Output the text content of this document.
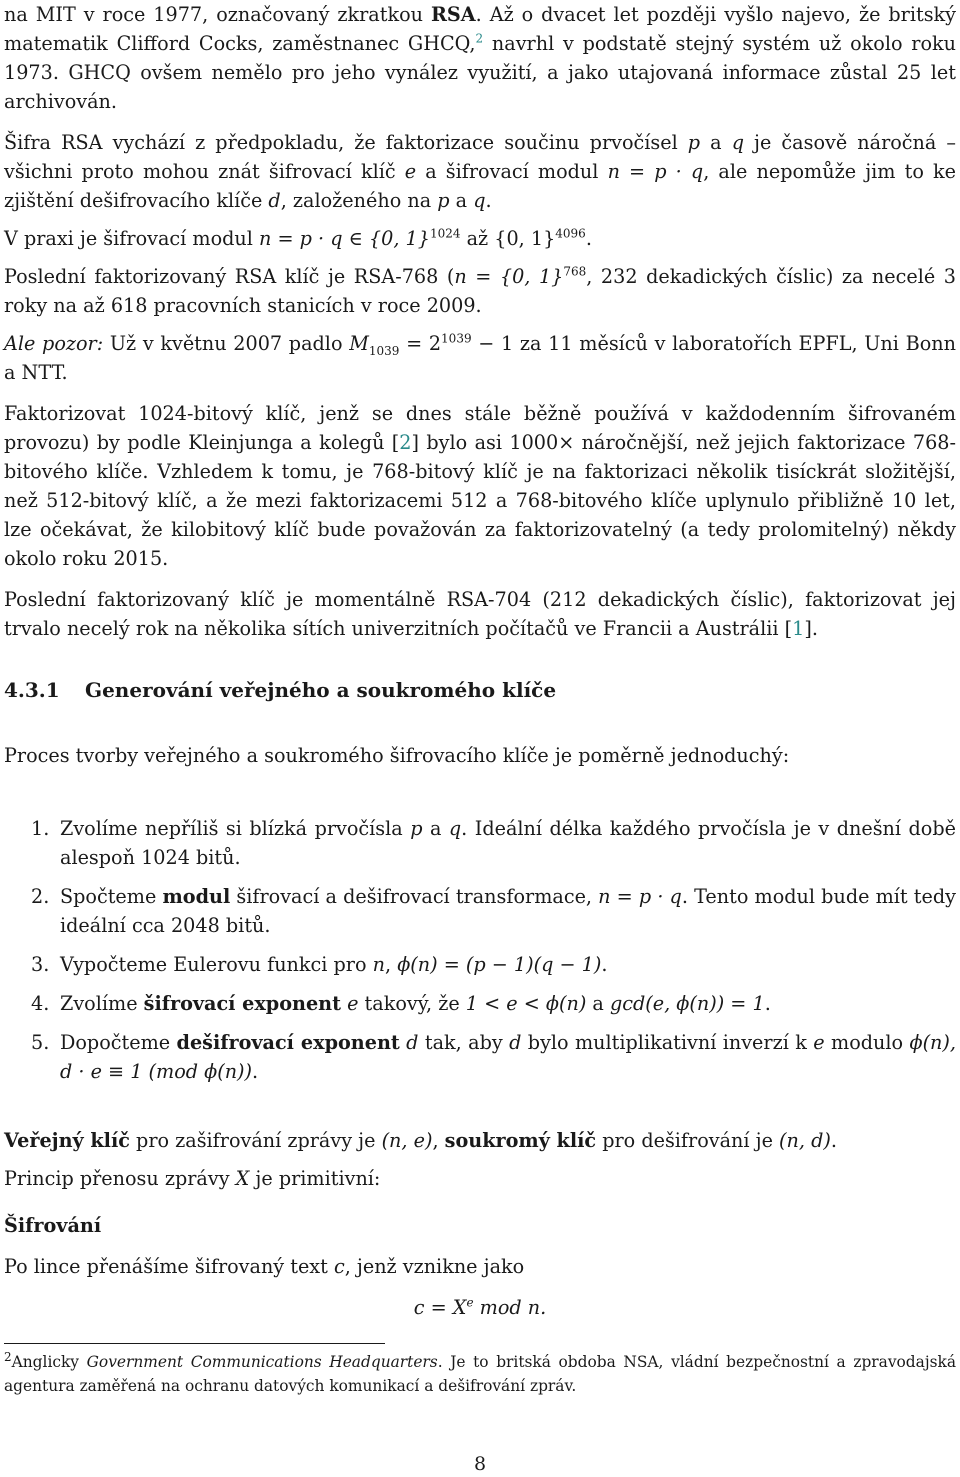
na MIT v roce 1977, označovaný zkratkou RSA. Až o dvacet let později vyšlo najevo, že britský matematik Clifford Cocks, zaměstnanec GHCQ,$^2$ navrhl v podstatě stejný systém už okolo roku 1973. GHCQ ovšem nemělo pro jeho vynález využití, a jako utajovaná informace zůstal 25 let archivován.

Šifra RSA vychází z předpokladu, že faktorizace součinu prvočísel p a q je časově náročná – všichni proto mohou znát šifrovací klíč e a šifrovací modul n = p · q, ale nepomůže jim to ke zjištění dešifrovacího klíče d, založeného na p a q.

V praxi je šifrovací modul n = p · q ∈ {0, 1}$^{1024}$ až {0, 1}$^{4096}$.

Poslední faktorizovaný RSA klíč je RSA-768 (n = {0, 1}$^{768}$, 232 dekadických číslic) za necelé 3 roky na až 618 pracovních stanicích v roce 2009.

Ale pozor: Už v květnu 2007 padlo $M_{1039} = 2^{1039} - 1$ za 11 měsíců v laboratořích EPFL, Uni Bonn a NTT.

Faktorizovat 1024-bitový klíč, jenž se dnes stále běžně používá v každodenním šifrovaném provozu) by podle Kleinjunga a kolegů [2] bylo asi 1000× náročnější, než jejich faktorizace 768-bitového klíče. Vzhledem k tomu, je 768-bitový klíč je na faktorizaci několik tisíckrát složitější, než 512-bitový klíč, a že mezi faktorizacemi 512 a 768-bitového klíče uplynulo přibližně 10 let, lze očekávat, že kilobitový klíč bude považován za faktorizovatelný (a tedy prolomitelný) někdy okolo roku 2015.

Poslední faktorizovaný klíč je momentálně RSA-704 (212 dekadických číslic), faktorizovat jej trvalo necelý rok na několika sítích univerzitních počítačů ve Francii a Austrálii [1].

4.3.1 Generování veřejného a soukromého klíče

Proces tvorby veřejného a soukromého šifrovacího klíče je poměrně jednoduchý:

1. Zvolíme nepříliš si blízká prvočísla p a q. Ideální délka každého prvočísla je v dnešní době alespoň 1024 bitů.
2. Spočteme modul šifrovací a dešifrovací transformace, n = p · q. Tento modul bude mít tedy ideální cca 2048 bitů.
3. Vypočteme Eulerovu funkci pro n, ϕ(n) = (p − 1)(q − 1).
4. Zvolíme šifrovací exponent e takový, že 1 < e < ϕ(n) a gcd(e, ϕ(n)) = 1.
5. Dopočteme dešifrovací exponent d tak, aby d bylo multiplikativní inverzí k e modulo ϕ(n), d · e ≡ 1 (mod ϕ(n)).

Veřejný klíč pro zašifrování zprávy je (n, e), soukromý klíč pro dešifrování je (n, d).

Princip přenosu zprávy X je primitivní:

Šifrování

Po lince přenášíme šifrovaný text c, jenž vznikne jako

$c = X^e$ mod n.

$^2$Anglicky Government Communications Headquarters. Je to britská obdoba NSA, vládní bezpečnostní a zpravodajská agentura zaměřená na ochranu datových komunikací a dešifrování zpráv.
8
